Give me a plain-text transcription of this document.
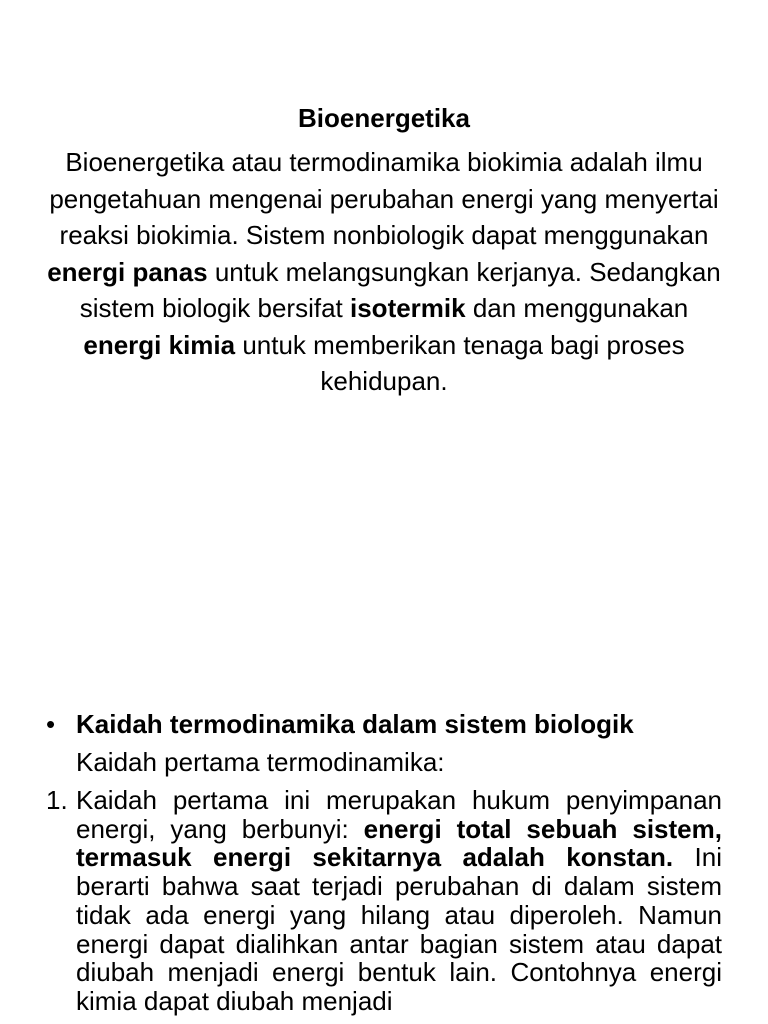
Bioenergetika
Bioenergetika atau termodinamika biokimia adalah ilmu pengetahuan mengenai perubahan energi yang menyertai reaksi biokimia. Sistem nonbiologik dapat menggunakan energi panas untuk melangsungkan kerjanya. Sedangkan sistem biologik bersifat isotermik dan menggunakan energi kimia untuk memberikan tenaga bagi proses kehidupan.
• Kaidah termodinamika dalam sistem biologik
Kaidah pertama termodinamika:
1. Kaidah pertama ini merupakan hukum penyimpanan energi, yang berbunyi: energi total sebuah sistem, termasuk energi sekitarnya adalah konstan. Ini berarti bahwa saat terjadi perubahan di dalam sistem tidak ada energi yang hilang atau diperoleh. Namun energi dapat dialihkan antar bagian sistem atau dapat diubah menjadi energi bentuk lain. Contohnya energi kimia dapat diubah menjadi
